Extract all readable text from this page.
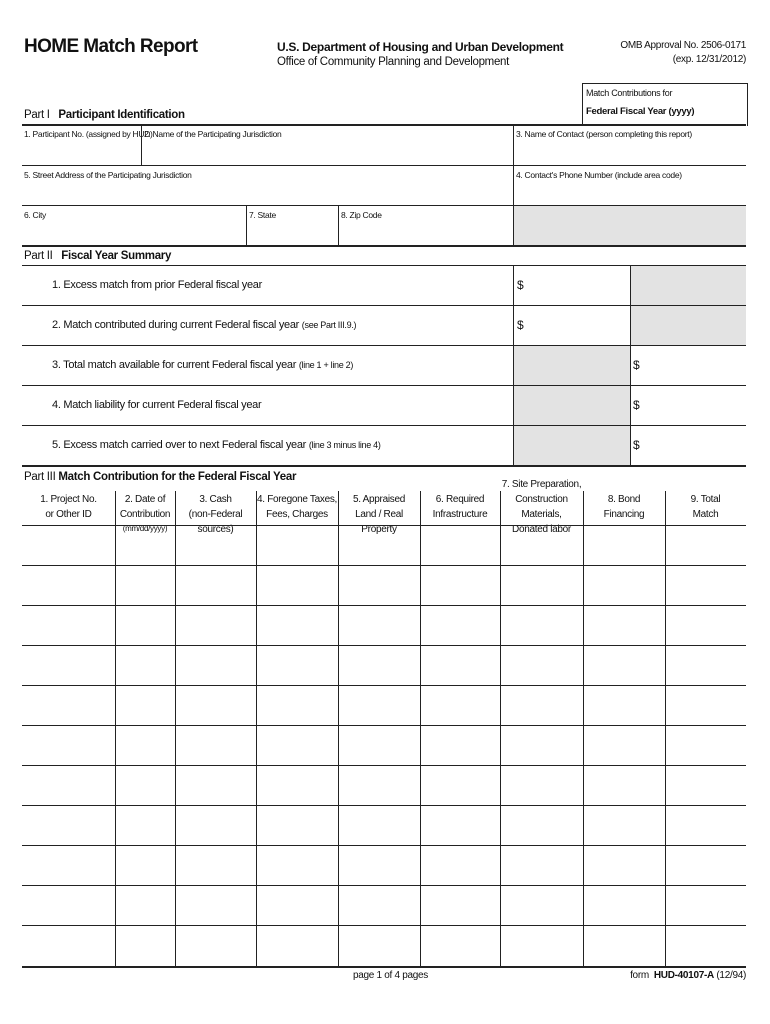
HOME Match Report	U.S. Department of Housing and Urban Development
Office of Community Planning and Development
OMB Approval No. 2506-0171
(exp. 12/31/2012)
Match Contributions for
Federal Fiscal Year (yyyy)
Part I Participant Identification
1. Participant No. (assigned by HUD)
2. Name of the Participating Jurisdiction	3. Name of Contact (person completing this report)
5. Street Address of the Participating Jurisdiction	4. Contact's Phone Number (include area code)
6. City	7. State	8. Zip Code
Part II Fiscal Year Summary
1. Excess match from prior Federal fiscal year	$
2. Match contributed during current Federal fiscal year (see Part III.9.)	$
3. Total match available for current Federal fiscal year (line 1 + line 2)	$
4. Match liability for current Federal fiscal year	$
5. Excess match carried over to next Federal fiscal year (line 3 minus line 4)	$
Part III Match Contribution for the Federal Fiscal Year
1. Project No.
or Other ID
2. Date of
Contribution
(mm/dd/yyyy)
3. Cash
(non-Federal sources)
4. Foregone Taxes,
Fees, Charges
5. Appraised
Land / Real Property
6. Required
Infrastructure
7. Site Preparation,
Construction Materials,
Donated labor
8. Bond
Financing
9. Total
Match
page 1 of 4 pages	form HUD-40107-A (12/94)
